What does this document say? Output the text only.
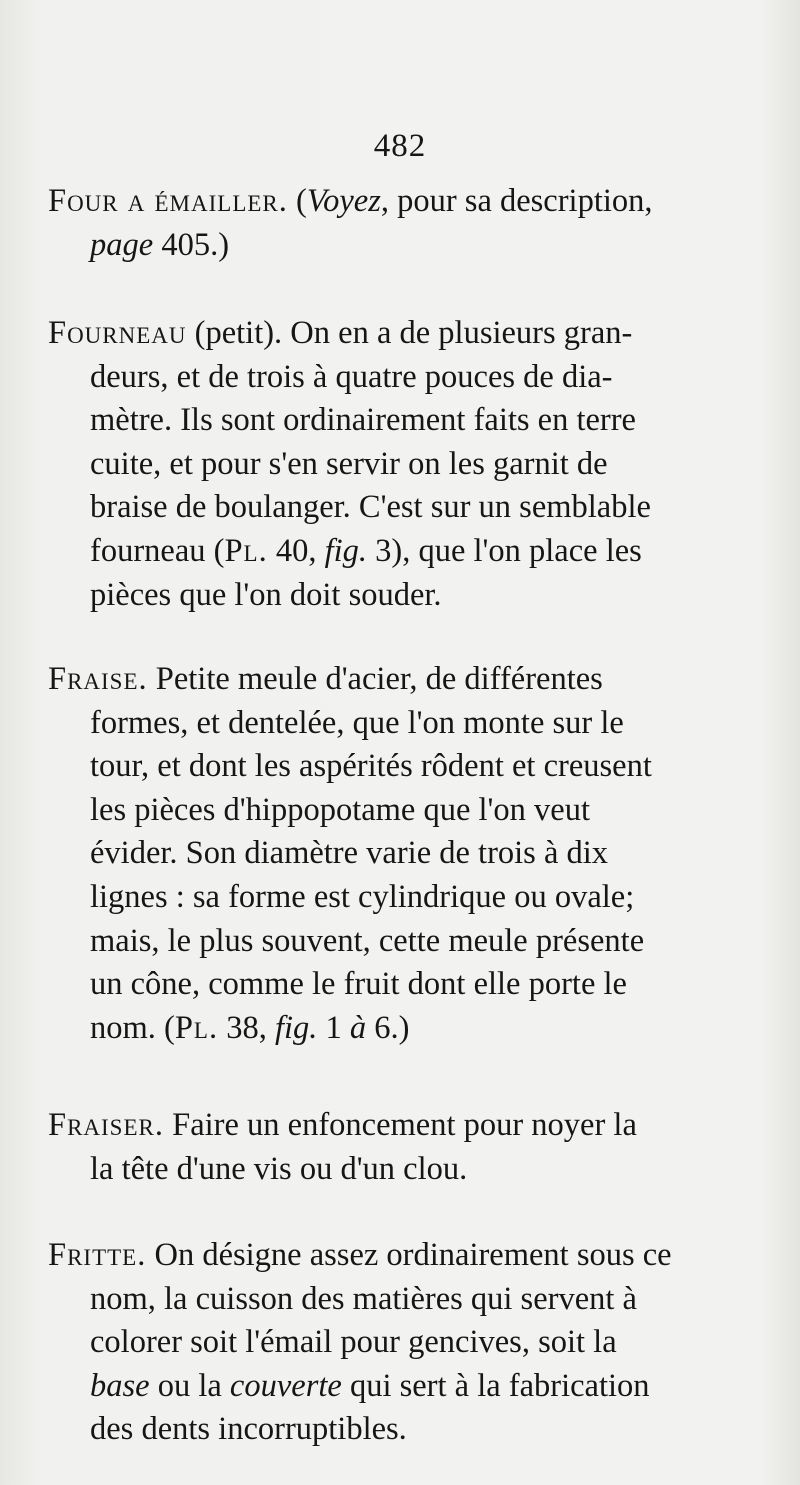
482
Four a émailler. (Voyez, pour sa description,
page 405.)
Fourneau (petit). On en a de plusieurs gran-
deurs, et de trois à quatre pouces de dia-
mètre. Ils sont ordinairement faits en terre
cuite, et pour s'en servir on les garnit de
braise de boulanger. C'est sur un semblable
fourneau (Pl. 40, fig. 3), que l'on place les
pièces que l'on doit souder.
Fraise. Petite meule d'acier, de différentes
formes, et dentelée, que l'on monte sur le
tour, et dont les aspérités rôdent et creusent
les pièces d'hippopotame que l'on veut
évider. Son diamètre varie de trois à dix
lignes : sa forme est cylindrique ou ovale;
mais, le plus souvent, cette meule présente
un cône, comme le fruit dont elle porte le
nom. (Pl. 38, fig. 1 à 6.)
Fraiser. Faire un enfoncement pour noyer la
la tête d'une vis ou d'un clou.
Fritte. On désigne assez ordinairement sous ce
nom, la cuisson des matières qui servent à
colorer soit l'émail pour gencives, soit la
base ou la couverte qui sert à la fabrication
des dents incorruptibles.
